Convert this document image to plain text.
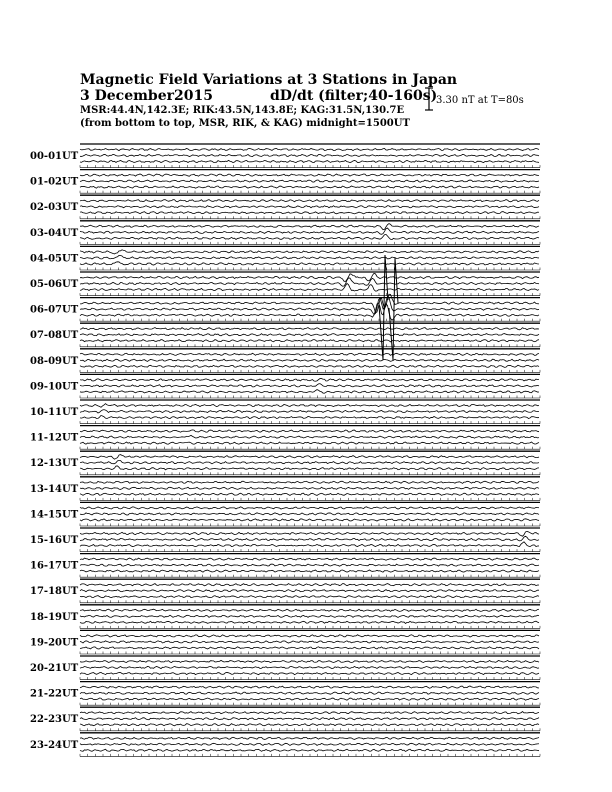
Magnetic Field Variations at 3 Stations in Japan
3 December2015	dD/dt (filter;40-160s)
MSR:44.4N,142.3E; RIK:43.5N,143.8E; KAG:31.5N,130.7E
(from bottom to top, MSR, RIK, & KAG) midnight=1500UT
3.30 nT at T=80s
00-01UT
01-02UT
02-03UT
03-04UT
04-05UT
05-06UT
06-07UT
07-08UT
08-09UT
09-10UT
10-11UT
11-12UT
12-13UT
13-14UT
14-15UT
15-16UT
16-17UT
17-18UT
18-19UT
19-20UT
20-21UT
21-22UT
22-23UT
23-24UT
